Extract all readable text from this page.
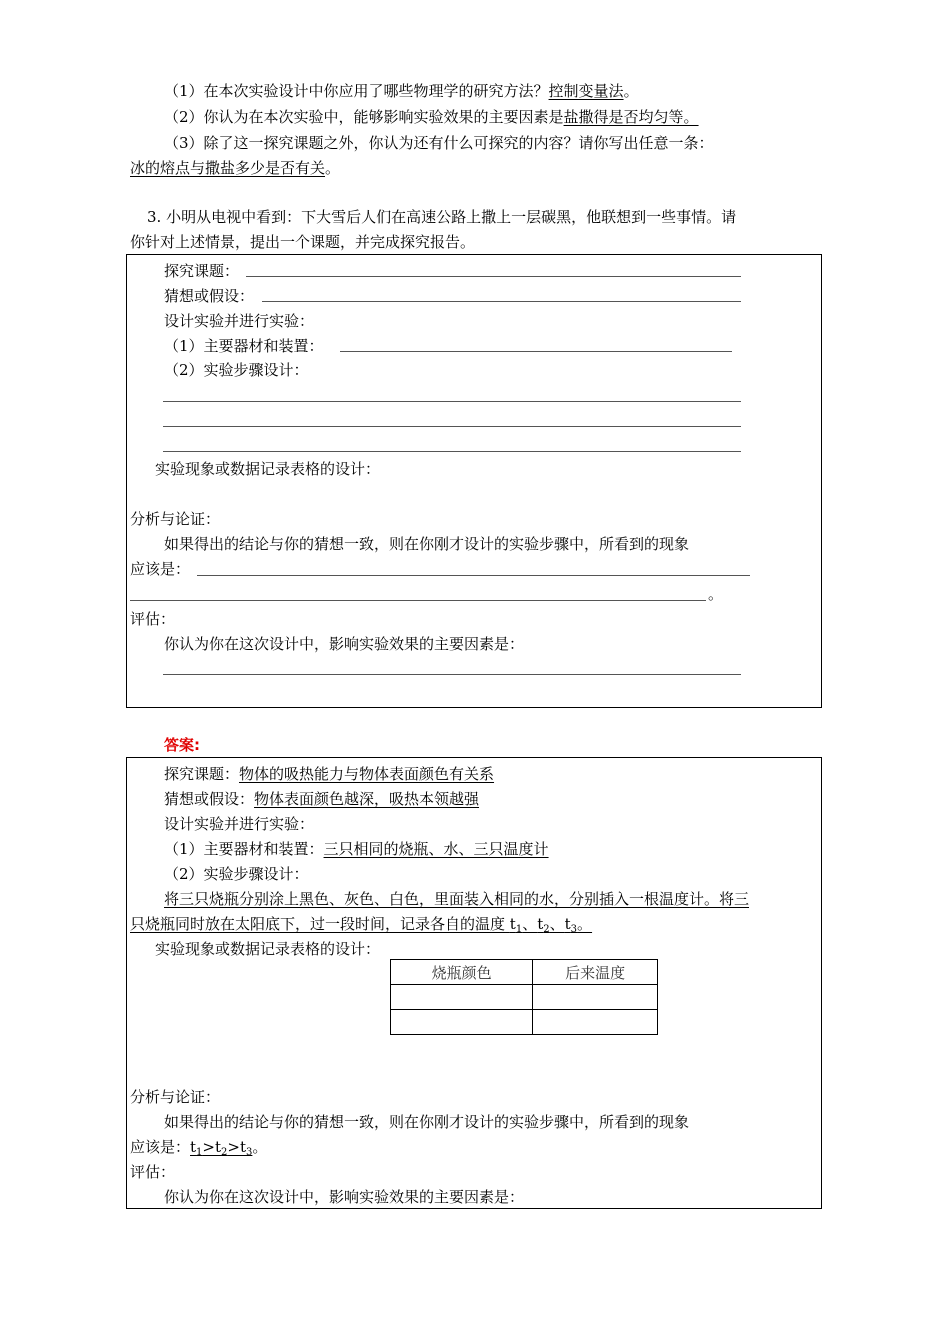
（1）在本次实验设计中你应用了哪些物理学的研究方法？控制变量法。
（2）你认为在本次实验中，能够影响实验效果的主要因素是盐撒得是否均匀等。
（3）除了这一探究课题之外，你认为还有什么可探究的内容？请你写出任意一条：
冰的熔点与撒盐多少是否有关。
3. 小明从电视中看到：下大雪后人们在高速公路上撒上一层碳黑，他联想到一些事情。请
你针对上述情景，提出一个课题，并完成探究报告。
探究课题：
猜想或假设：
设计实验并进行实验：
（1）主要器材和装置：
（2）实验步骤设计：
实验现象或数据记录表格的设计：
分析与论证：
如果得出的结论与你的猜想一致，则在你刚才设计的实验步骤中，所看到的现象
应该是：
。
评估：
你认为你在这次设计中，影响实验效果的主要因素是：
答案:
探究课题：物体的吸热能力与物体表面颜色有关系
猜想或假设：物体表面颜色越深，吸热本领越强
设计实验并进行实验：
（1）主要器材和装置：三只相同的烧瓶、水、三只温度计
（2）实验步骤设计：
将三只烧瓶分别涂上黑色、灰色、白色，里面装入相同的水，分别插入一根温度计。将三
只烧瓶同时放在太阳底下，过一段时间，记录各自的温度 $t_1$、$t_2$、$t_3$。
实验现象或数据记录表格的设计：
烧瓶颜色	后来温度

分析与论证：
如果得出的结论与你的猜想一致，则在你刚才设计的实验步骤中，所看到的现象
应该是：$t_1>t_2>t_3$。
评估：
你认为你在这次设计中，影响实验效果的主要因素是：
